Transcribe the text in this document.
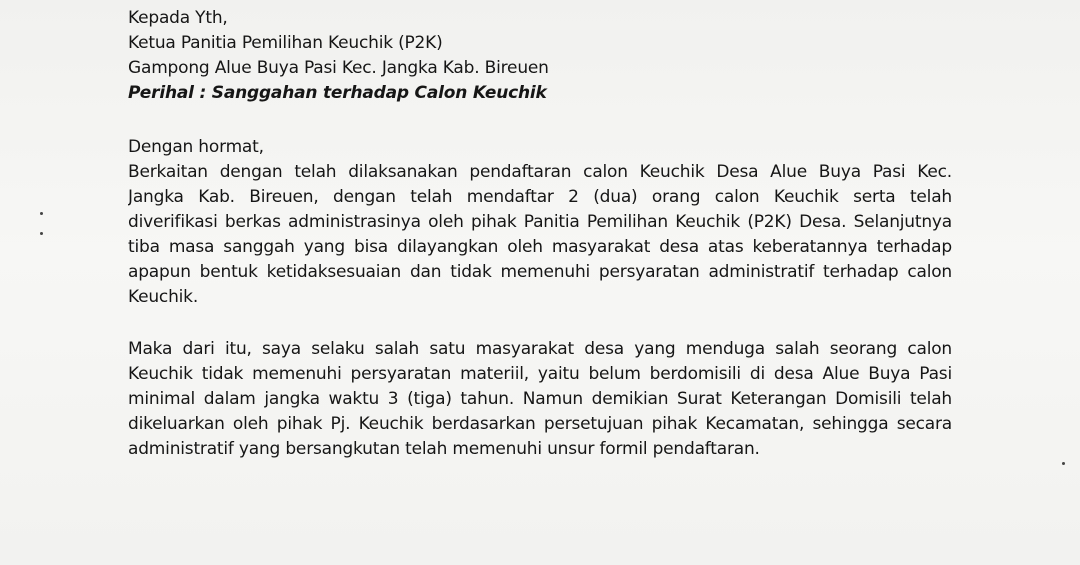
Kepada Yth,
Ketua Panitia Pemilihan Keuchik (P2K)
Gampong Alue Buya Pasi Kec. Jangka Kab. Bireuen
Perihal : Sanggahan terhadap Calon Keuchik
Dengan hormat,
Berkaitan dengan telah dilaksanakan pendaftaran calon Keuchik Desa Alue Buya Pasi Kec.
Jangka Kab. Bireuen, dengan telah mendaftar 2 (dua) orang calon Keuchik serta telah
diverifikasi berkas administrasinya oleh pihak Panitia Pemilihan Keuchik (P2K) Desa. Selanjutnya
tiba masa sanggah yang bisa dilayangkan oleh masyarakat desa atas keberatannya terhadap
apapun bentuk ketidaksesuaian dan tidak memenuhi persyaratan administratif terhadap calon
Keuchik.
Maka dari itu, saya selaku salah satu masyarakat desa yang menduga salah seorang calon
Keuchik tidak memenuhi persyaratan materiil, yaitu belum berdomisili di desa Alue Buya Pasi
minimal dalam jangka waktu 3 (tiga) tahun. Namun demikian Surat Keterangan Domisili telah
dikeluarkan oleh pihak Pj. Keuchik berdasarkan persetujuan pihak Kecamatan, sehingga secara
administratif yang bersangkutan telah memenuhi unsur formil pendaftaran.
